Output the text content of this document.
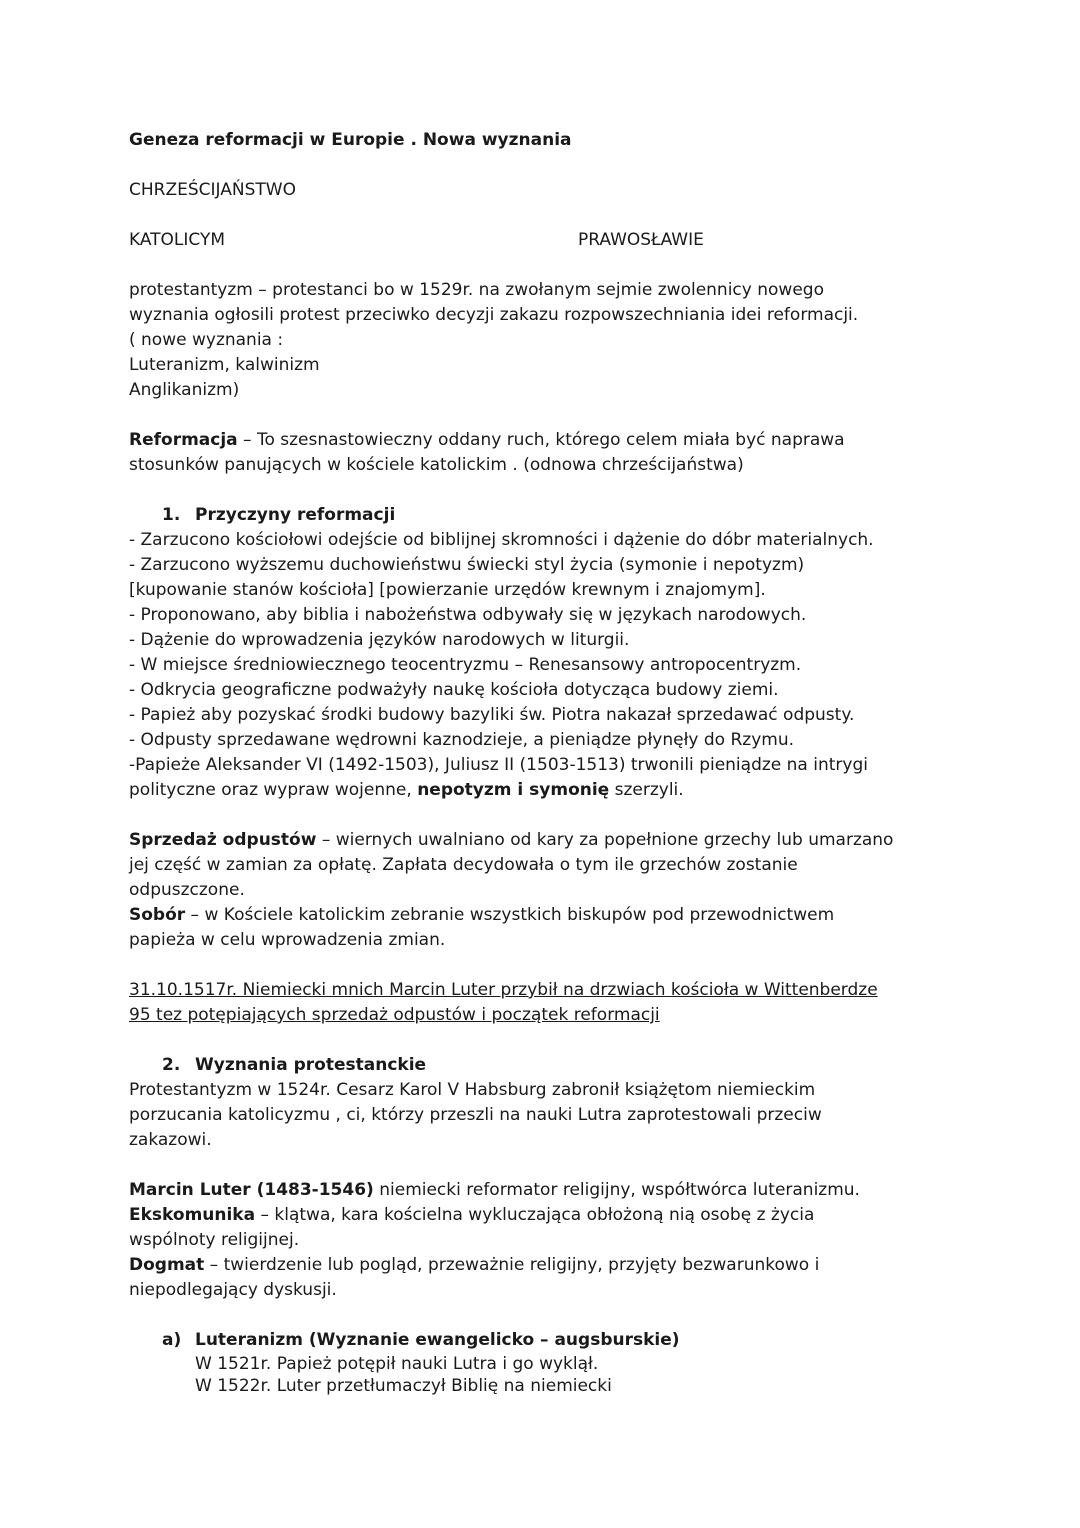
Geneza reformacji w Europie . Nowa wyznania

CHRZEŚCIJAŃSTWO

KATOLICYM	PRAWOSŁAWIE

protestantyzm – protestanci bo w 1529r. na zwołanym sejmie zwolennicy nowego

wyznania ogłosili protest przeciwko decyzji zakazu rozpowszechniania idei reformacji.

( nowe wyznania :

Luteranizm, kalwinizm

Anglikanizm)

Reformacja – To szesnastowieczny oddany ruch, którego celem miała być naprawa

stosunków panujących w kościele katolickim . (odnowa chrześcijaństwa)

1. Przyczyny reformacji

- Zarzucono kościołowi odejście od biblijnej skromności i dążenie do dóbr materialnych.

- Zarzucono wyższemu duchowieństwu świecki styl życia (symonie i nepotyzm)

[kupowanie stanów kościoła] [powierzanie urzędów krewnym i znajomym].

- Proponowano, aby biblia i nabożeństwa odbywały się w językach narodowych.

- Dążenie do wprowadzenia języków narodowych w liturgii.

- W miejsce średniowiecznego teocentryzmu – Renesansowy antropocentryzm.

- Odkrycia geograficzne podważyły naukę kościoła dotycząca budowy ziemi.

- Papież aby pozyskać środki budowy bazyliki św. Piotra nakazał sprzedawać odpusty.

- Odpusty sprzedawane wędrowni kaznodzieje, a pieniądze płynęły do Rzymu.

-Papieże Aleksander VI (1492-1503), Juliusz II (1503-1513) trwonili pieniądze na intrygi

polityczne oraz wypraw wojenne, nepotyzm i symonię szerzyli.

Sprzedaż odpustów – wiernych uwalniano od kary za popełnione grzechy lub umarzano

jej część w zamian za opłatę. Zapłata decydowała o tym ile grzechów zostanie

odpuszczone.

Sobór – w Kościele katolickim zebranie wszystkich biskupów pod przewodnictwem

papieża w celu wprowadzenia zmian.

31.10.1517r. Niemiecki mnich Marcin Luter przybił na drzwiach kościoła w Wittenberdze

95 tez potępiających sprzedaż odpustów i początek reformacji

2. Wyznania protestanckie

Protestantyzm w 1524r. Cesarz Karol V Habsburg zabronił książętom niemieckim

porzucania katolicyzmu , ci, którzy przeszli na nauki Lutra zaprotestowali przeciw

zakazowi.

Marcin Luter (1483-1546) niemiecki reformator religijny, współtwórca luteranizmu.

Ekskomunika – klątwa, kara kościelna wykluczająca obłożoną nią osobę z życia

wspólnoty religijnej.

Dogmat – twierdzenie lub pogląd, przeważnie religijny, przyjęty bezwarunkowo i

niepodlegający dyskusji.

a) Luteranizm (Wyznanie ewangelicko – augsburskie)

W 1521r. Papież potępił nauki Lutra i go wyklął.

W 1522r. Luter przetłumaczył Biblię na niemiecki
